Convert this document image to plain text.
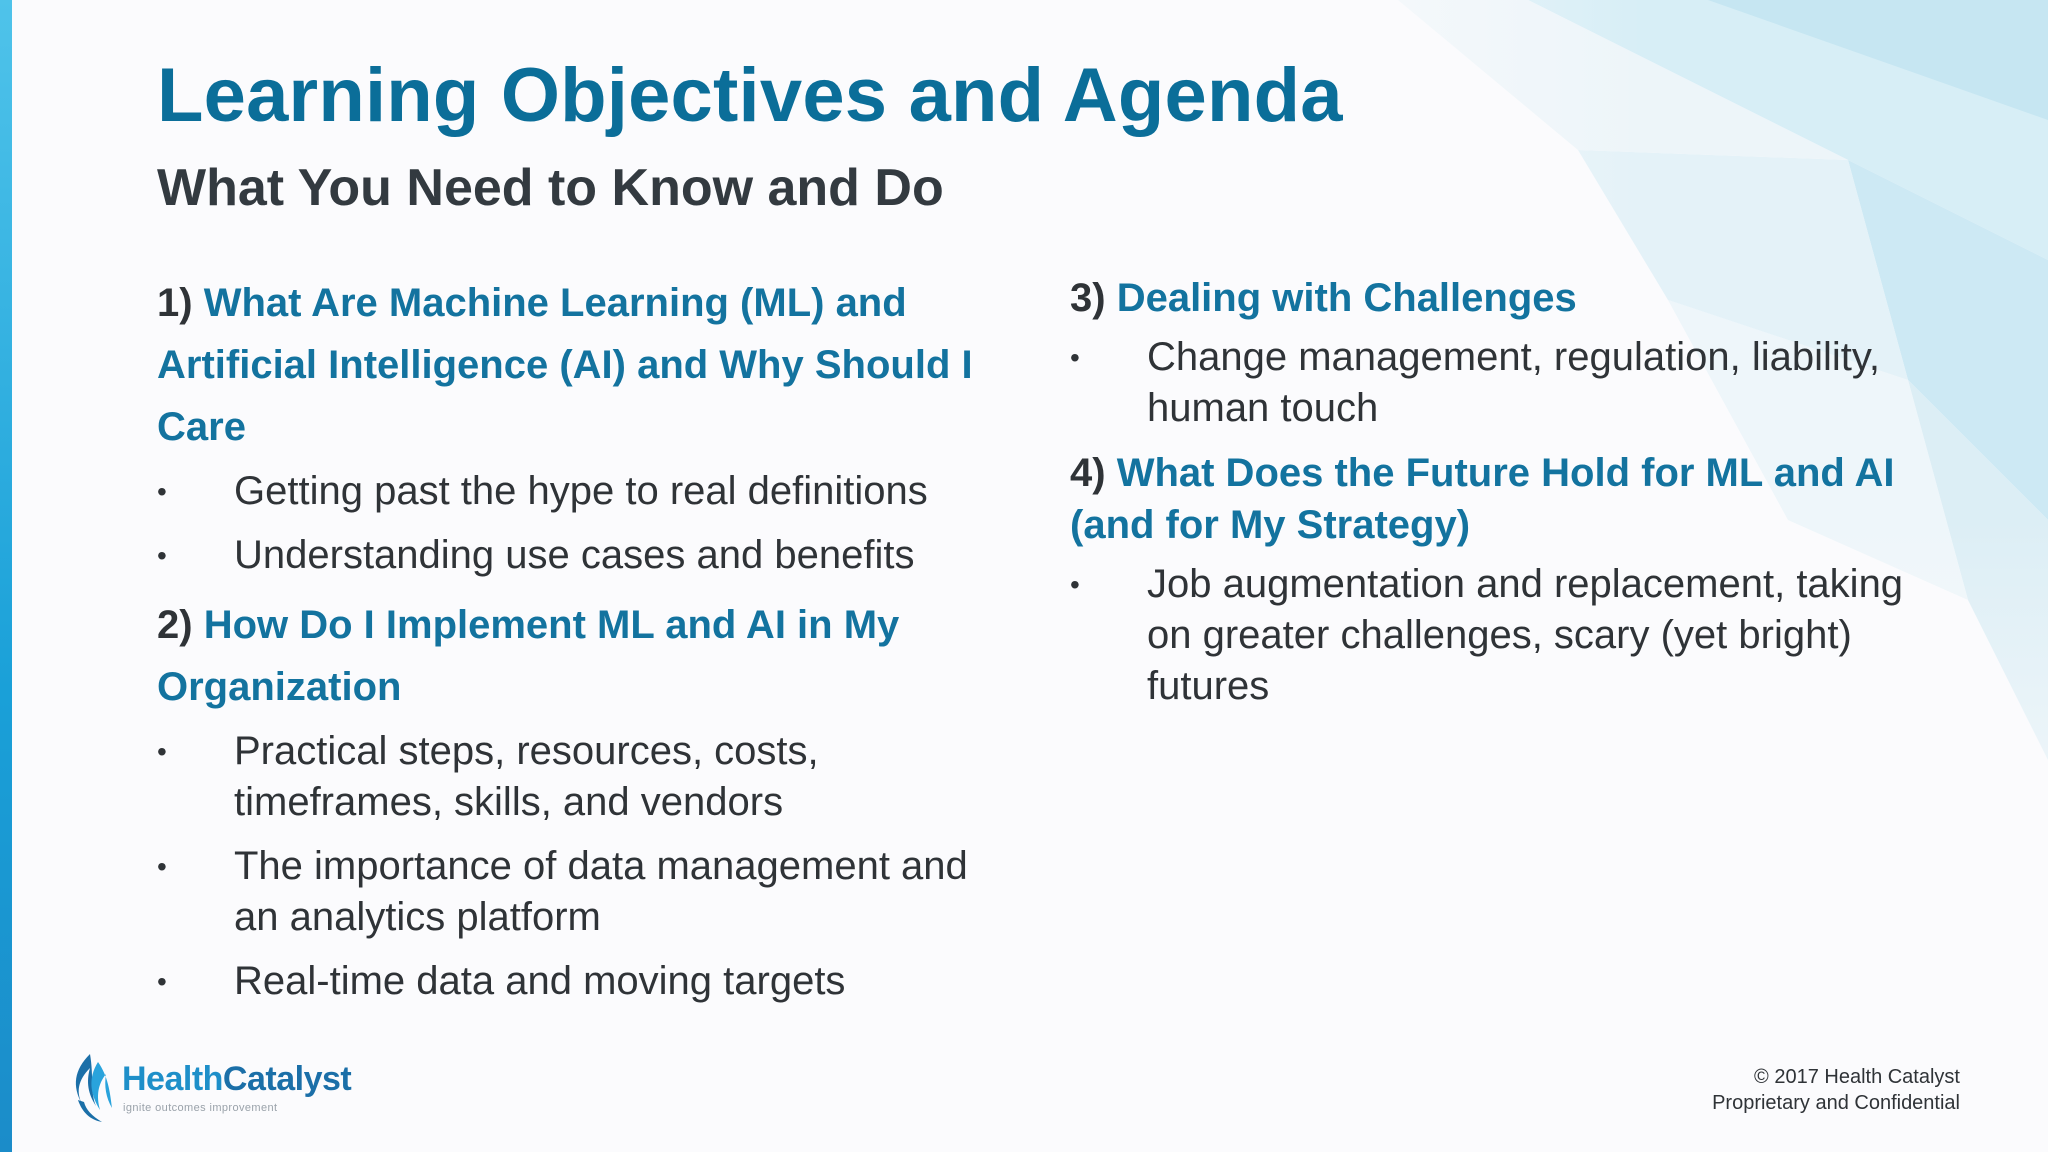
Learning Objectives and Agenda
What You Need to Know and Do
1) What Are Machine Learning (ML) and Artificial Intelligence (AI) and Why Should I Care
• Getting past the hype to real definitions
• Understanding use cases and benefits
2) How Do I Implement ML and AI in My Organization
• Practical steps, resources, costs, timeframes, skills, and vendors
• The importance of data management and an analytics platform
• Real-time data and moving targets
3) Dealing with Challenges
• Change management, regulation, liability, human touch
4) What Does the Future Hold for ML and AI (and for My Strategy)
• Job augmentation and replacement, taking on greater challenges, scary (yet bright) futures
HealthCatalyst
ignite outcomes improvement
© 2017 Health Catalyst
Proprietary and Confidential
